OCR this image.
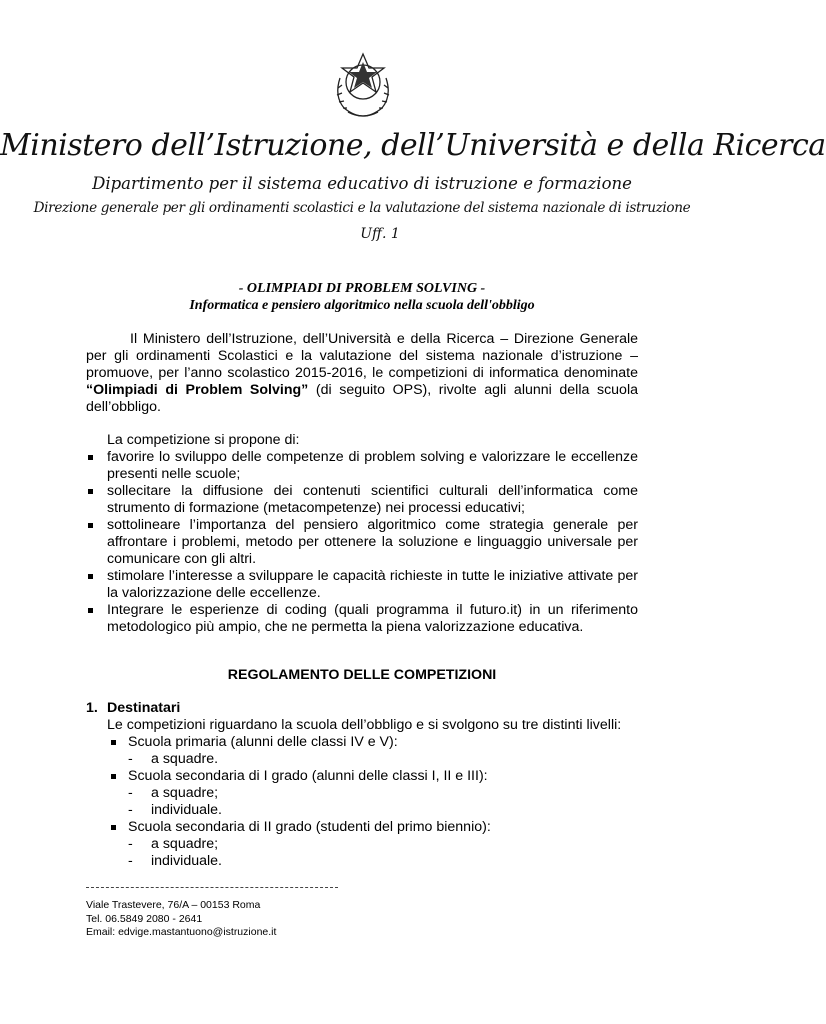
Ministero dell’Istruzione, dell’Università e della Ricerca
Dipartimento per il sistema educativo di istruzione e formazione
Direzione generale per gli ordinamenti scolastici e la valutazione del sistema nazionale di istruzione
Uff. 1
- OLIMPIADI DI PROBLEM SOLVING -
Informatica e pensiero algoritmico nella scuola dell'obbligo

Il Ministero dell’Istruzione, dell’Università e della Ricerca – Direzione Generale per gli ordinamenti Scolastici e la valutazione del sistema nazionale d’istruzione – promuove, per l’anno scolastico 2015-2016, le competizioni di informatica denominate “Olimpiadi di Problem Solving” (di seguito OPS), rivolte agli alunni della scuola dell’obbligo.

La competizione si propone di:
favorire lo sviluppo delle competenze di problem solving e valorizzare le eccellenze presenti nelle scuole;
sollecitare la diffusione dei contenuti scientifici culturali dell’informatica come strumento di formazione (metacompetenze) nei processi educativi;
sottolineare l’importanza del pensiero algoritmico come strategia generale per affrontare i problemi, metodo per ottenere la soluzione e linguaggio universale per comunicare con gli altri.
stimolare l’interesse a sviluppare le capacità richieste in tutte le iniziative attivate per la valorizzazione delle eccellenze.
Integrare le esperienze di coding (quali programma il futuro.it) in un riferimento metodologico più ampio, che ne permetta la piena valorizzazione educativa.
REGOLAMENTO DELLE COMPETIZIONI
1. Destinatari
Le competizioni riguardano la scuola dell’obbligo e si svolgono su tre distinti livelli:
Scuola primaria (alunni delle classi IV e V):
- a squadre.
Scuola secondaria di I grado (alunni delle classi I, II e III):
- a squadre;
- individuale.
Scuola secondaria di II grado (studenti del primo biennio):
- a squadre;
- individuale.
Viale Trastevere, 76/A – 00153 Roma
Tel. 06.5849 2080 - 2641
Email: edvige.mastantuono@istruzione.it
